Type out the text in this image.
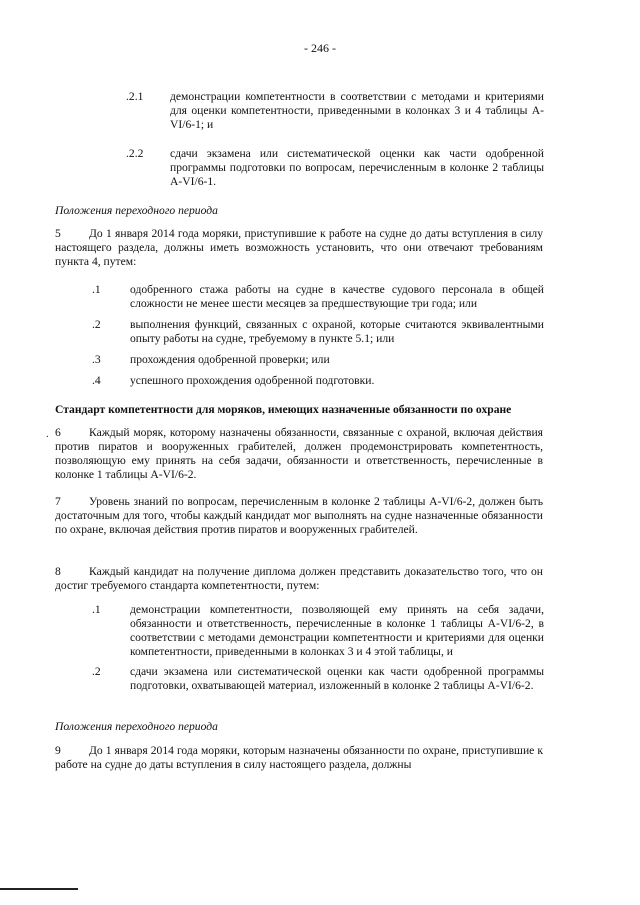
- 246 -
.2.1	демонстрации компетентности в соответствии с методами и критериями для оценки компетентности, приведенными в колонках 3 и 4 таблицы A-VI/6-1; и
.2.2	сдачи экзамена или систематической оценки как части одобренной программы подготовки по вопросам, перечисленным в колонке 2 таблицы A-VI/6-1.

Положения переходного периода

5 До 1 января 2014 года моряки, приступившие к работе на судне до даты вступления в силу настоящего раздела, должны иметь возможность установить, что они отвечают требованиям пункта 4, путем:

.1	одобренного стажа работы на судне в качестве судового персонала в общей сложности не менее шести месяцев за предшествующие три года; или
.2	выполнения функций, связанных с охраной, которые считаются эквивалентными опыту работы на судне, требуемому в пункте 5.1; или
.3	прохождения одобренной проверки; или
.4	успешного прохождения одобренной подготовки.

Стандарт компетентности для моряков, имеющих назначенные обязанности по охране

. 6 Каждый моряк, которому назначены обязанности, связанные с охраной, включая действия против пиратов и вооруженных грабителей, должен продемонстрировать компетентность, позволяющую ему принять на себя задачи, обязанности и ответственность, перечисленные в колонке 1 таблицы A-VI/6-2.

7 Уровень знаний по вопросам, перечисленным в колонке 2 таблицы A-VI/6-2, должен быть достаточным для того, чтобы каждый кандидат мог выполнять на судне назначенные обязанности по охране, включая действия против пиратов и вооруженных грабителей.

8 Каждый кандидат на получение диплома должен представить доказательство того, что он достиг требуемого стандарта компетентности, путем:

.1	демонстрации компетентности, позволяющей ему принять на себя задачи, обязанности и ответственность, перечисленные в колонке 1 таблицы A-VI/6-2, в соответствии с методами демонстрации компетентности и критериями для оценки компетентности, приведенными в колонках 3 и 4 этой таблицы, и
.2	сдачи экзамена или систематической оценки как части одобренной программы подготовки, охватывающей материал, изложенный в колонке 2 таблицы A-VI/6-2.

Положения переходного периода

9 До 1 января 2014 года моряки, которым назначены обязанности по охране, приступившие к работе на судне до даты вступления в силу настоящего раздела, должны
